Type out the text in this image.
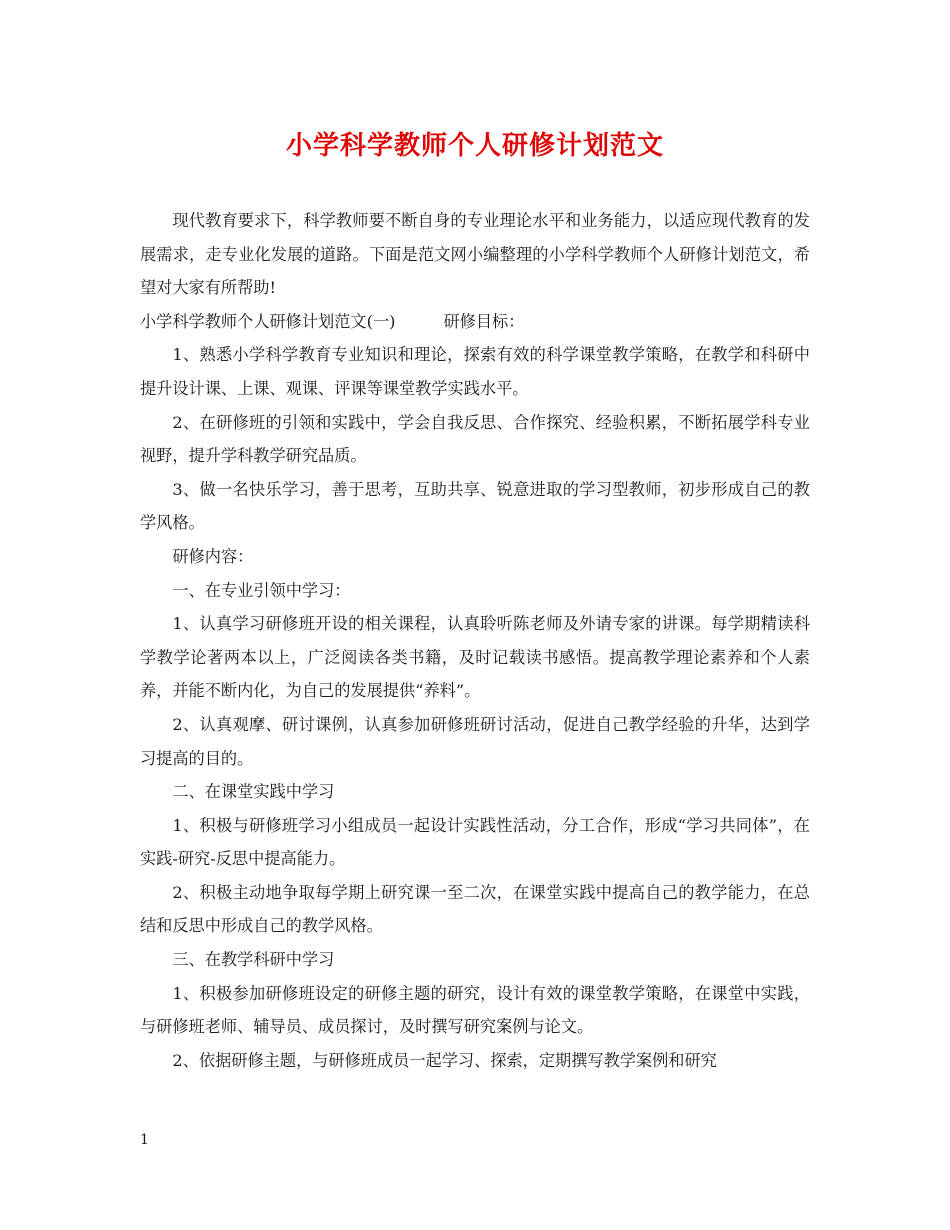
小学科学教师个人研修计划范文

现代教育要求下，科学教师要不断自身的专业理论水平和业务能力，以适应现代教育的发展需求，走专业化发展的道路。下面是范文网小编整理的小学科学教师个人研修计划范文，希望对大家有所帮助!

小学科学教师个人研修计划范文(一)	研修目标：

1、熟悉小学科学教育专业知识和理论，探索有效的科学课堂教学策略，在教学和科研中提升设计课、上课、观课、评课等课堂教学实践水平。

2、在研修班的引领和实践中，学会自我反思、合作探究、经验积累，不断拓展学科专业视野，提升学科教学研究品质。

3、做一名快乐学习，善于思考，互助共享、锐意进取的学习型教师，初步形成自己的教学风格。

研修内容：

一、在专业引领中学习：

1、认真学习研修班开设的相关课程，认真聆听陈老师及外请专家的讲课。每学期精读科学教学论著两本以上，广泛阅读各类书籍，及时记载读书感悟。提高教学理论素养和个人素养，并能不断内化，为自己的发展提供“养料”。

2、认真观摩、研讨课例，认真参加研修班研讨活动，促进自己教学经验的升华，达到学习提高的目的。

二、在课堂实践中学习

1、积极与研修班学习小组成员一起设计实践性活动，分工合作，形成“学习共同体”，在实践-研究-反思中提高能力。

2、积极主动地争取每学期上研究课一至二次，在课堂实践中提高自己的教学能力，在总结和反思中形成自己的教学风格。

三、在教学科研中学习

1、积极参加研修班设定的研修主题的研究，设计有效的课堂教学策略，在课堂中实践，与研修班老师、辅导员、成员探讨，及时撰写研究案例与论文。

2、依据研修主题，与研修班成员一起学习、探索，定期撰写教学案例和研究

1
